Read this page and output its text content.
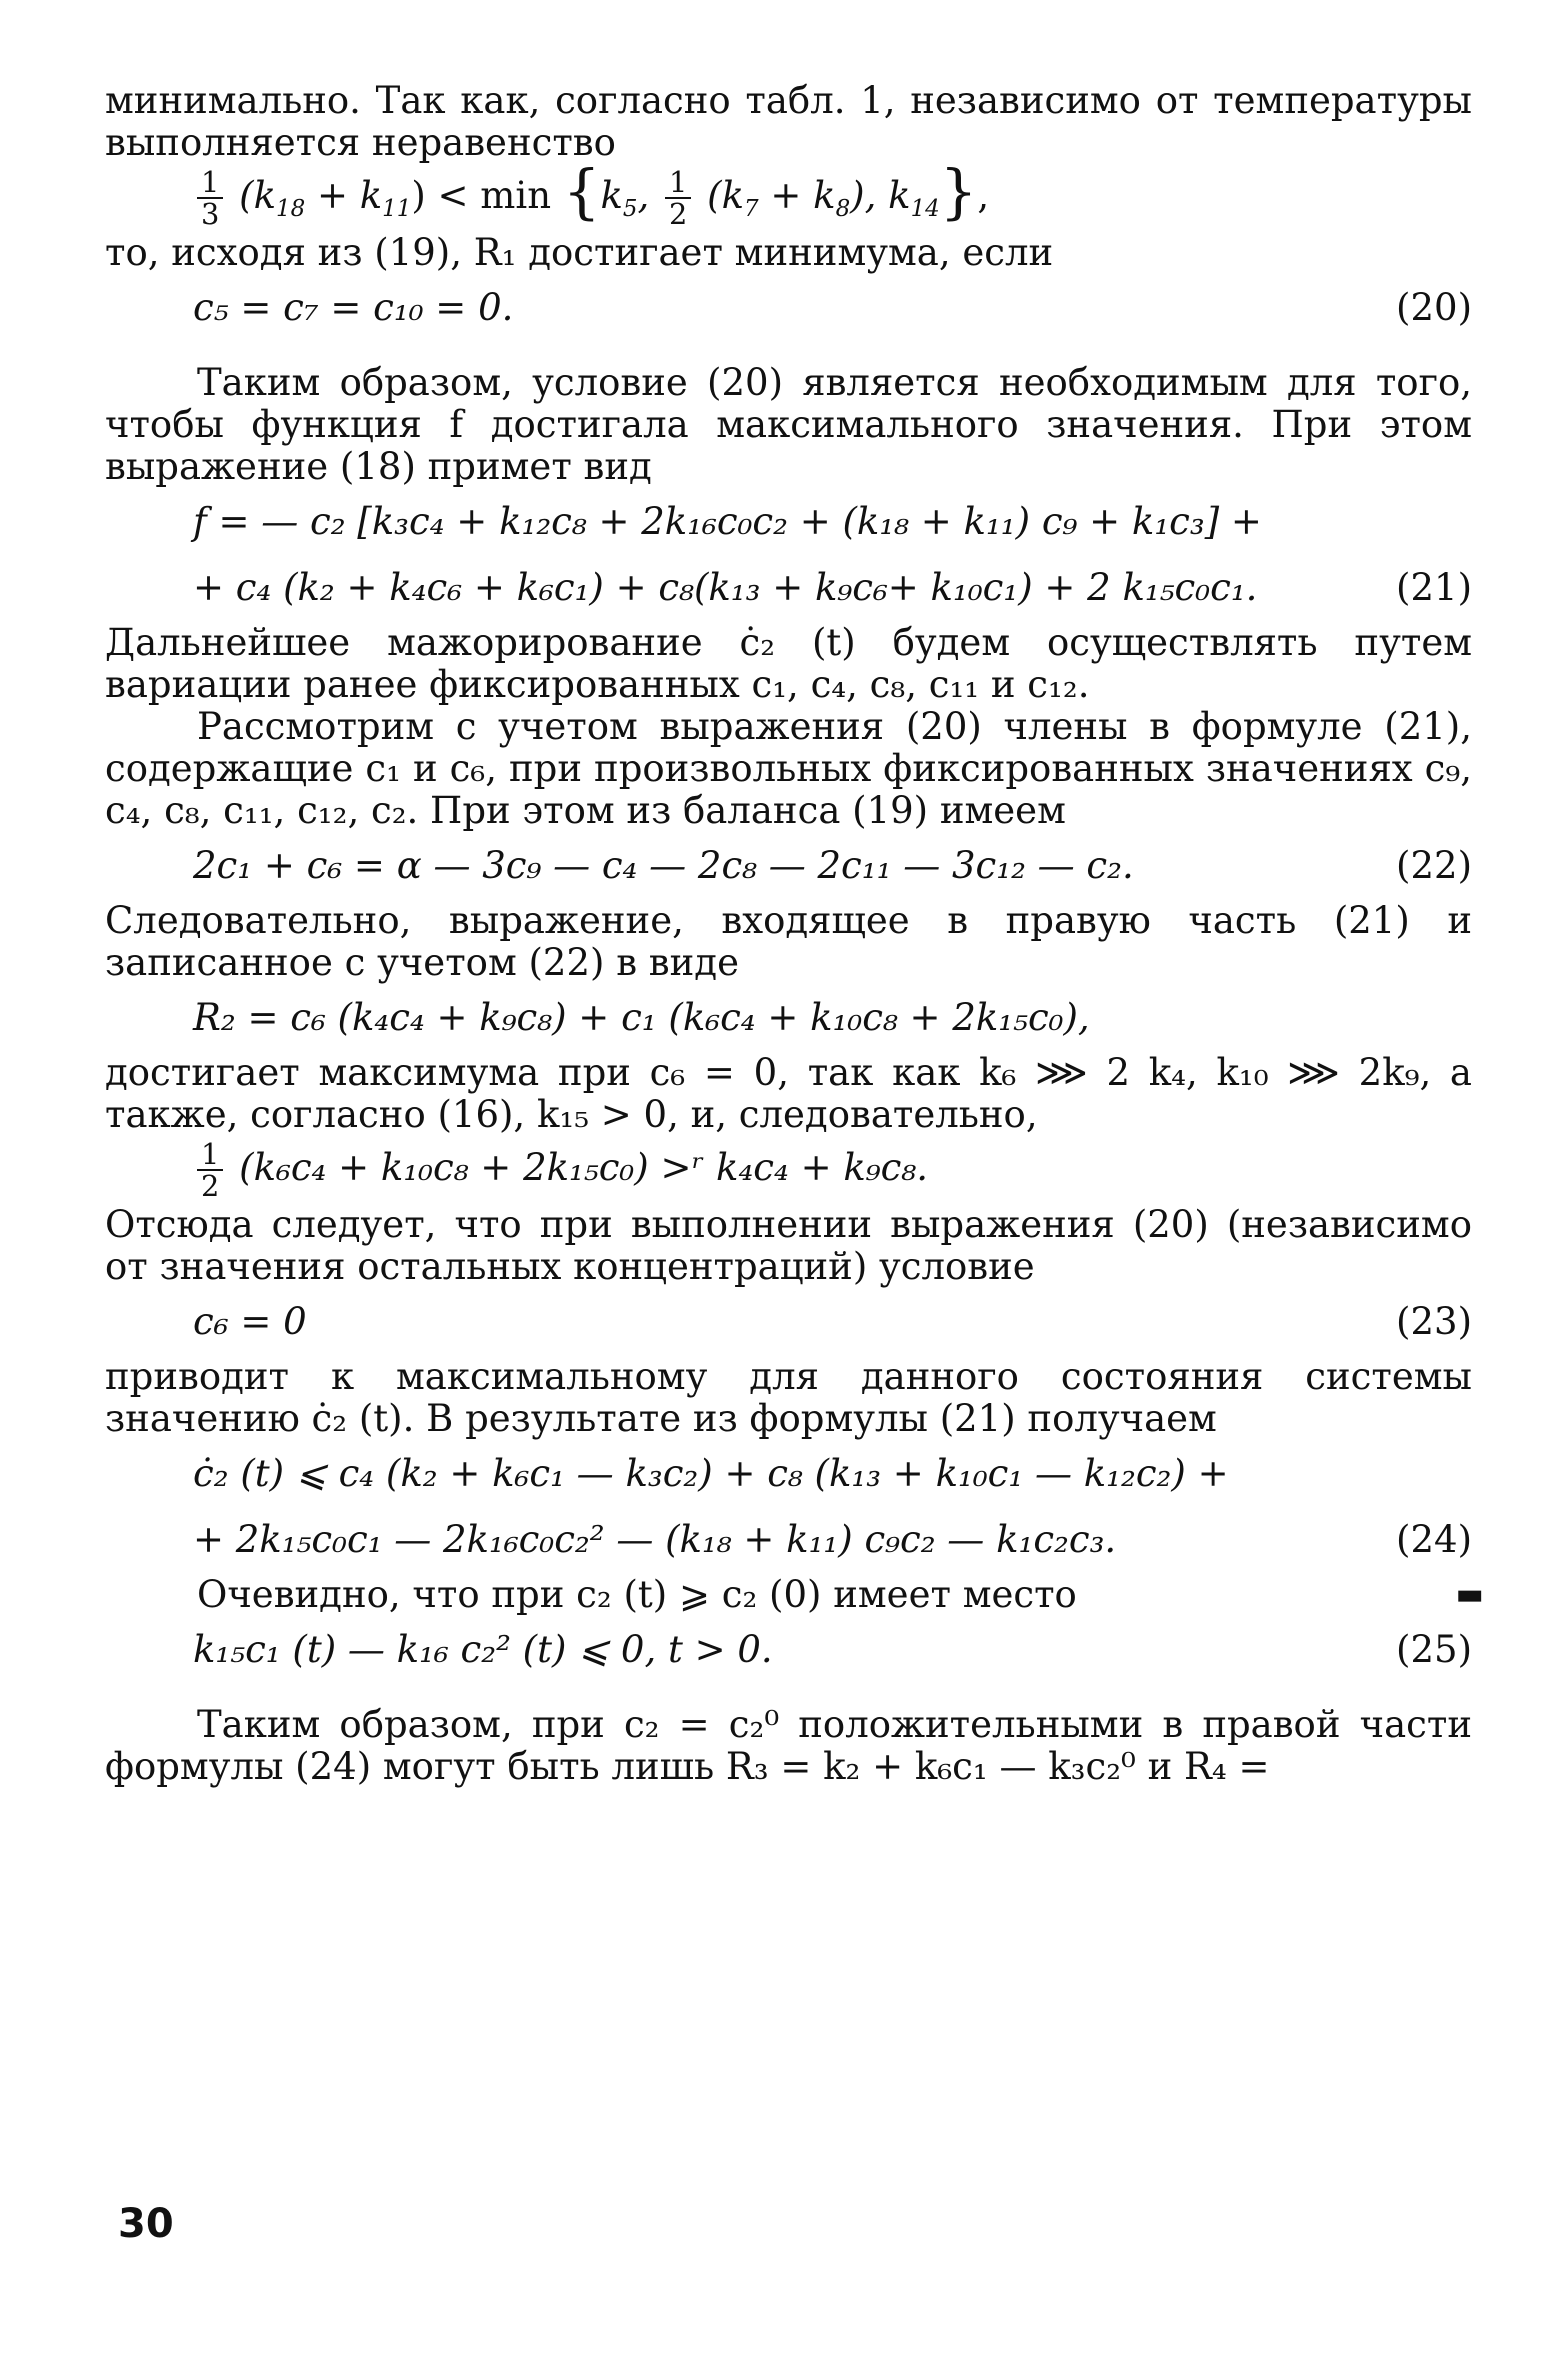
минимально. Так как, согласно табл. 1, независимо от температуры выполняется неравенство

$\frac{1}{3} (k_{18} + k_{11}) < \min \{k_5$, $\frac{1}{2} (k_7 + k_8)$, $k_{14}$},

то, исходя из (19), R₁ достигает минимума, если

c₅ = c₇ = c₁₀ = 0.	(20)

Таким образом, условие (20) является необходимым для того, чтобы функция f достигала максимального значения. При этом выражение (18) примет вид

f = — c₂ [k₃c₄ + k₁₂c₈ + 2k₁₆c₀c₂ + (k₁₈ + k₁₁) c₉ + k₁c₃] +
+ c₄ (k₂ + k₄c₆ + k₆c₁) + c₈(k₁₃ + k₉c₆+ k₁₀c₁) + 2 k₁₅c₀c₁.	(21)

Дальнейшее мажорирование ċ₂ (t) будем осуществлять путем вариации ранее фиксированных c₁, c₄, c₈, c₁₁ и c₁₂.

Рассмотрим с учетом выражения (20) члены в формуле (21), содержащие c₁ и c₆, при произвольных фиксированных значениях c₉, c₄, c₈, c₁₁, c₁₂, c₂. При этом из баланса (19) имеем

2c₁ + c₆ = α — 3c₉ — c₄ — 2c₈ — 2c₁₁ — 3c₁₂ — c₂.	(22)

Следовательно, выражение, входящее в правую часть (21) и записанное с учетом (22) в виде

R₂ = c₆ (k₄c₄ + k₉c₈) + c₁ (k₆c₄ + k₁₀c₈ + 2k₁₅c₀),

достигает максимума при c₆ = 0, так как k₆ ⋙ 2 k₄, k₁₀ ⋙ 2k₉, а также, согласно (16), k₁₅ > 0, и, следовательно,

$\frac{1}{2} (k_6c_4 + k_{10}c_8 + 2k_{15}c_0)$ >ʳ k₄c₄ + k₉c₈.

Отсюда следует, что при выполнении выражения (20) (независимо от значения остальных концентраций) условие

c₆ = 0	(23)

приводит к максимальному для данного состояния системы значению ċ₂ (t). В результате из формулы (21) получаем

ċ₂ (t) ⩽ c₄ (k₂ + k₆c₁ — k₃c₂) + c₈ (k₁₃ + k₁₀c₁ — k₁₂c₂) +
+ 2k₁₅c₀c₁ — 2k₁₆c₀c₂² — (k₁₈ + k₁₁) c₉c₂ — k₁c₂c₃.	(24)

Очевидно, что при c₂ (t) ⩾ c₂ (0) имеет место	▬

k₁₅c₁ (t) — k₁₆ c₂² (t) ⩽ 0, t > 0.	(25)

Таким образом, при c₂ = c₂⁰ положительными в правой части формулы (24) могут быть лишь R₃ = k₂ + k₆c₁ — k₃c₂⁰ и R₄ =

30
